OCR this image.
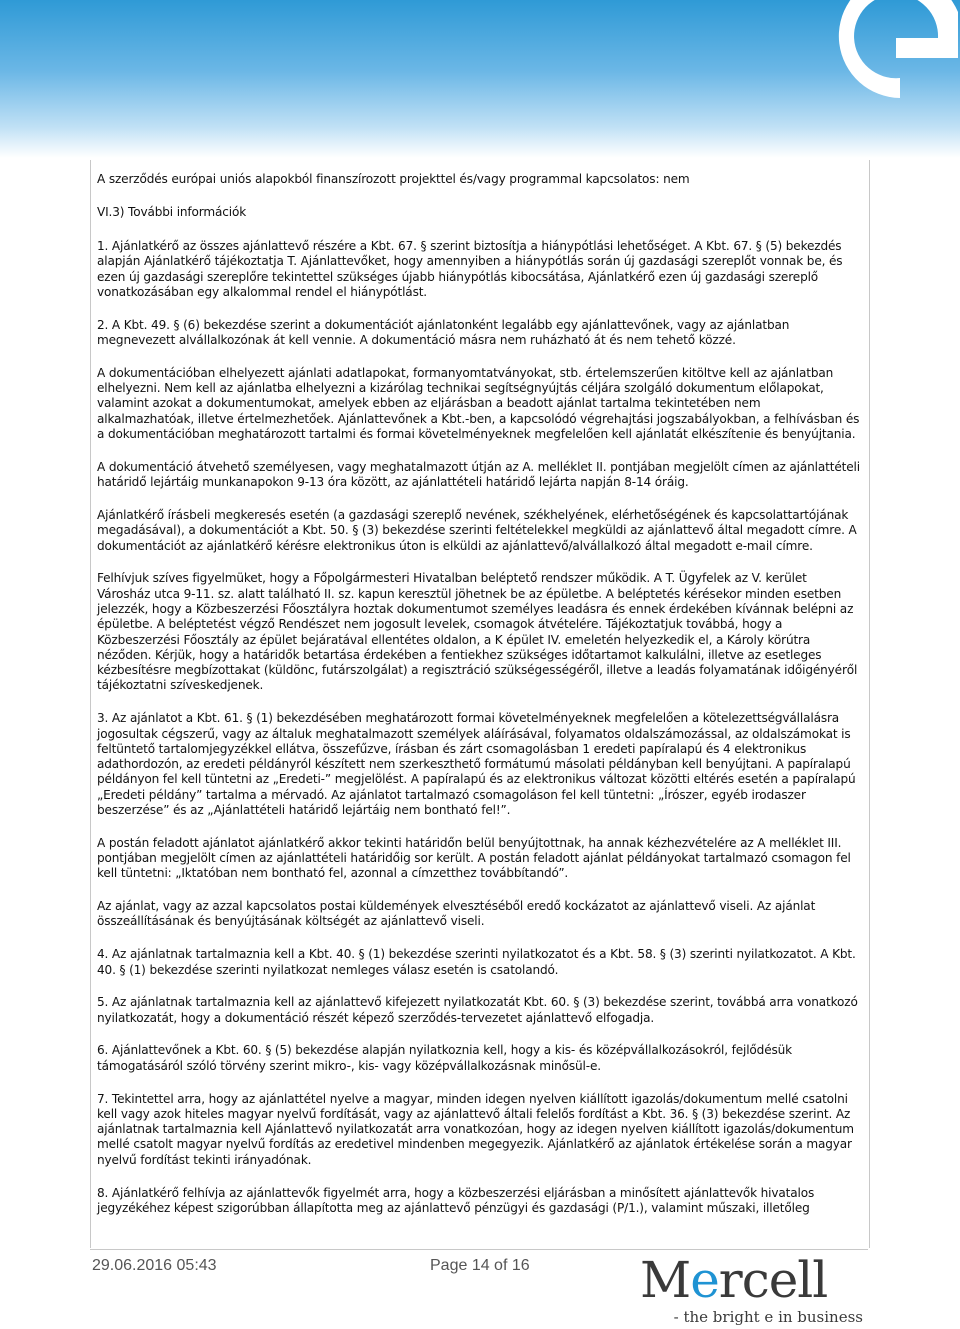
A szerződés európai uniós alapokból finanszírozott projekttel és/vagy programmal kapcsolatos: nem

VI.3) További információk

1. Ajánlatkérő az összes ajánlattevő részére a Kbt. 67. § szerint biztosítja a hiánypótlási lehetőséget. A Kbt. 67. § (5) bekezdés alapján Ajánlatkérő tájékoztatja T. Ajánlattevőket, hogy amennyiben a hiánypótlás során új gazdasági szereplőt vonnak be, és ezen új gazdasági szereplőre tekintettel szükséges újabb hiánypótlás kibocsátása, Ajánlatkérő ezen új gazdasági szereplő vonatkozásában egy alkalommal rendel el hiánypótlást.

2. A Kbt. 49. § (6) bekezdése szerint a dokumentációt ajánlatonként legalább egy ajánlattevőnek, vagy az ajánlatban megnevezett alvállalkozónak át kell vennie. A dokumentáció másra nem ruházható át és nem tehető közzé.

A dokumentációban elhelyezett ajánlati adatlapokat, formanyomtatványokat, stb. értelemszerűen kitöltve kell az ajánlatban elhelyezni. Nem kell az ajánlatba elhelyezni a kizárólag technikai segítségnyújtás céljára szolgáló dokumentum előlapokat, valamint azokat a dokumentumokat, amelyek ebben az eljárásban a beadott ajánlat tartalma tekintetében nem alkalmazhatóak, illetve értelmezhetőek. Ajánlattevőnek a Kbt.-ben, a kapcsolódó végrehajtási jogszabályokban, a felhívásban és a dokumentációban meghatározott tartalmi és formai követelményeknek megfelelően kell ajánlatát elkészítenie és benyújtania.

A dokumentáció átvehető személyesen, vagy meghatalmazott útján az A. melléklet II. pontjában megjelölt címen az ajánlattételi határidő lejártáig munkanapokon 9-13 óra között, az ajánlattételi határidő lejárta napján 8-14 óráig.

Ajánlatkérő írásbeli megkeresés esetén (a gazdasági szereplő nevének, székhelyének, elérhetőségének és kapcsolattartójának megadásával), a dokumentációt a Kbt. 50. § (3) bekezdése szerinti feltételekkel megküldi az ajánlattevő által megadott címre. A dokumentációt az ajánlatkérő kérésre elektronikus úton is elküldi az ajánlattevő/alvállalkozó által megadott e-mail címre.

Felhívjuk szíves figyelmüket, hogy a Főpolgármesteri Hivatalban beléptető rendszer működik. A T. Ügyfelek az V. kerület Városház utca 9-11. sz. alatt található II. sz. kapun keresztül jöhetnek be az épületbe. A beléptetés kérésekor minden esetben jelezzék, hogy a Közbeszerzési Főosztályra hoztak dokumentumot személyes leadásra és ennek érdekében kívánnak belépni az épületbe. A beléptetést végző Rendészet nem jogosult levelek, csomagok átvételére. Tájékoztatjuk továbbá, hogy a Közbeszerzési Főosztály az épület bejáratával ellentétes oldalon, a K épület IV. emeletén helyezkedik el, a Károly körútra néződen. Kérjük, hogy a határidők betartása érdekében a fentiekhez szükséges időtartamot kalkulálni, illetve az esetleges kézbesítésre megbízottakat (küldönc, futárszolgálat) a regisztráció szükségességéről, illetve a leadás folyamatának időigényéről tájékoztatni szíveskedjenek.

3. Az ajánlatot a Kbt. 61. § (1) bekezdésében meghatározott formai követelményeknek megfelelően a kötelezettségvállalásra jogosultak cégszerű, vagy az általuk meghatalmazott személyek aláírásával, folyamatos oldalszámozással, az oldalszámokat is feltüntető tartalomjegyzékkel ellátva, összefűzve, írásban és zárt csomagolásban 1 eredeti papíralapú és 4 elektronikus adathordozón, az eredeti példányról készített nem szerkeszthető formátumú másolati példányban kell benyújtani. A papíralapú példányon fel kell tüntetni az „Eredeti-” megjelölést. A papíralapú és az elektronikus változat közötti eltérés esetén a papíralapú „Eredeti példány” tartalma a mérvadó. Az ajánlatot tartalmazó csomagoláson fel kell tüntetni: „Írószer, egyéb irodaszer beszerzése” és az „Ajánlattételi határidő lejártáig nem bontható fel!”.

A postán feladott ajánlatot ajánlatkérő akkor tekinti határidőn belül benyújtottnak, ha annak kézhezvételére az A melléklet III. pontjában megjelölt címen az ajánlattételi határidőig sor került. A postán feladott ajánlat példányokat tartalmazó csomagon fel kell tüntetni: „Iktatóban nem bontható fel, azonnal a címzetthez továbbítandó”.

Az ajánlat, vagy az azzal kapcsolatos postai küldemények elvesztéséből eredő kockázatot az ajánlattevő viseli. Az ajánlat összeállításának és benyújtásának költségét az ajánlattevő viseli.

4. Az ajánlatnak tartalmaznia kell a Kbt. 40. § (1) bekezdése szerinti nyilatkozatot és a Kbt. 58. § (3) szerinti nyilatkozatot. A Kbt. 40. § (1) bekezdése szerinti nyilatkozat nemleges válasz esetén is csatolandó.

5. Az ajánlatnak tartalmaznia kell az ajánlattevő kifejezett nyilatkozatát Kbt. 60. § (3) bekezdése szerint, továbbá arra vonatkozó nyilatkozatát, hogy a dokumentáció részét képező szerződés-tervezetet ajánlattevő elfogadja.

6. Ajánlattevőnek a Kbt. 60. § (5) bekezdése alapján nyilatkoznia kell, hogy a kis- és középvállalkozásokról, fejlődésük támogatásáról szóló törvény szerint mikro-, kis- vagy középvállalkozásnak minősül-e.

7. Tekintettel arra, hogy az ajánlattétel nyelve a magyar, minden idegen nyelven kiállított igazolás/dokumentum mellé csatolni kell vagy azok hiteles magyar nyelvű fordítását, vagy az ajánlattevő általi felelős fordítást a Kbt. 36. § (3) bekezdése szerint. Az ajánlatnak tartalmaznia kell Ajánlattevő nyilatkozatát arra vonatkozóan, hogy az idegen nyelven kiállított igazolás/dokumentum mellé csatolt magyar nyelvű fordítás az eredetivel mindenben megegyezik. Ajánlatkérő az ajánlatok értékelése során a magyar nyelvű fordítást tekinti irányadónak.

8. Ajánlatkérő felhívja az ajánlattevők figyelmét arra, hogy a közbeszerzési eljárásban a minősített ajánlattevők hivatalos jegyzékéhez képest szigorúbban állapítottа meg az ajánlattevő pénzügyi és gazdasági (P/1.), valamint műszaki, illetőleg

29.06.2016 05:43	Page 14 of 16 Mercell
- the bright e in business
